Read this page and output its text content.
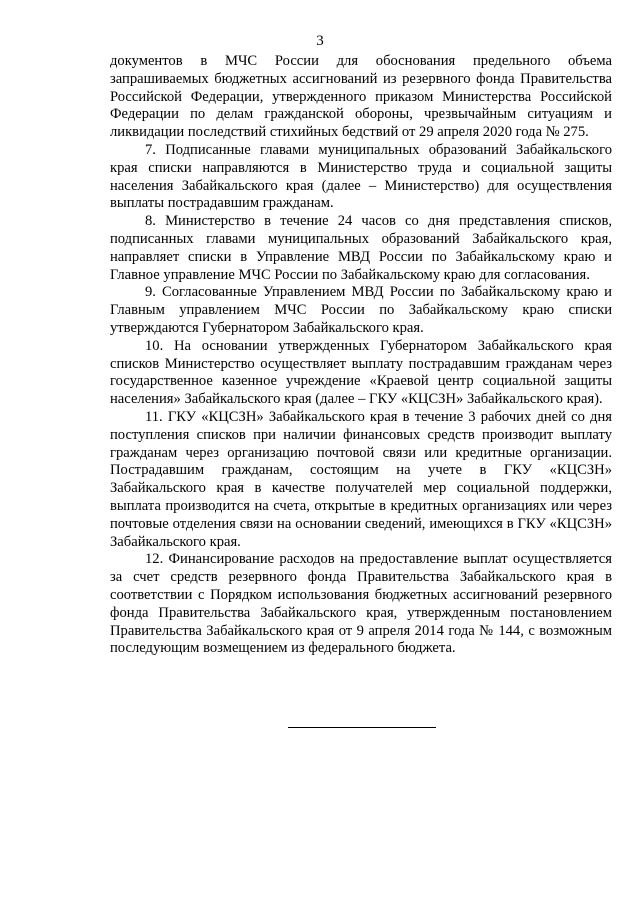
3

документов в МЧС России для обоснования предельного объема запрашиваемых бюджетных ассигнований из резервного фонда Правительства Российской Федерации, утвержденного приказом Министерства Российской Федерации по делам гражданской обороны, чрезвычайным ситуациям и ликвидации последствий стихийных бедствий от 29 апреля 2020 года № 275.

7. Подписанные главами муниципальных образований Забайкальского края списки направляются в Министерство труда и социальной защиты населения Забайкальского края (далее – Министерство) для осуществления выплаты пострадавшим гражданам.

8. Министерство в течение 24 часов со дня представления списков, подписанных главами муниципальных образований Забайкальского края, направляет списки в Управление МВД России по Забайкальскому краю и Главное управление МЧС России по Забайкальскому краю для согласования.

9. Согласованные Управлением МВД России по Забайкальскому краю и Главным управлением МЧС России по Забайкальскому краю списки утверждаются Губернатором Забайкальского края.

10. На основании утвержденных Губернатором Забайкальского края списков Министерство осуществляет выплату пострадавшим гражданам через государственное казенное учреждение «Краевой центр социальной защиты населения» Забайкальского края (далее – ГКУ «КЦСЗН» Забайкальского края).

11. ГКУ «КЦСЗН» Забайкальского края в течение 3 рабочих дней со дня поступления списков при наличии финансовых средств производит выплату гражданам через организацию почтовой связи или кредитные организации. Пострадавшим гражданам, состоящим на учете в ГКУ «КЦСЗН» Забайкальского края в качестве получателей мер социальной поддержки, выплата производится на счета, открытые в кредитных организациях или через почтовые отделения связи на основании сведений, имеющихся в ГКУ «КЦСЗН» Забайкальского края.

12. Финансирование расходов на предоставление выплат осуществляется за счет средств резервного фонда Правительства Забайкальского края в соответствии с Порядком использования бюджетных ассигнований резервного фонда Правительства Забайкальского края, утвержденным постановлением Правительства Забайкальского края от 9 апреля 2014 года № 144, с возможным последующим возмещением из федерального бюджета.
